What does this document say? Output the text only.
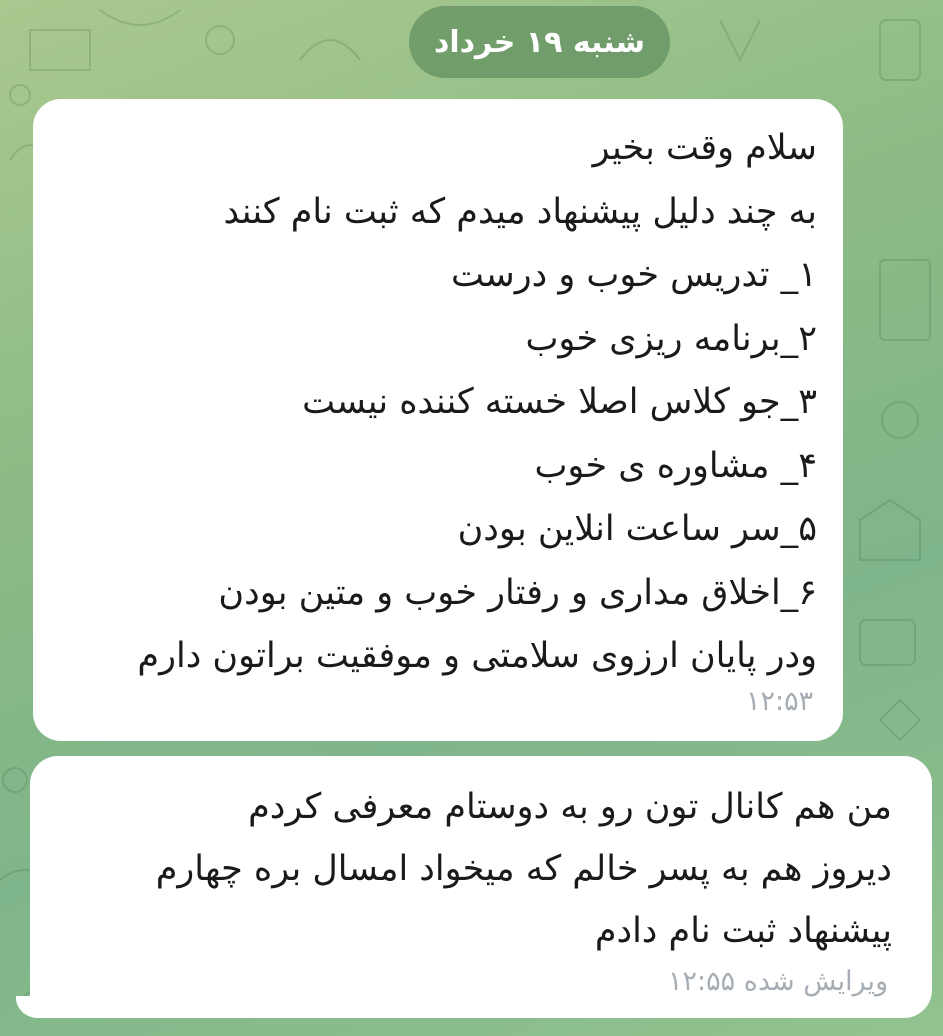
شنبه ۱۹ خرداد
سلام وقت بخیر
به چند دلیل پیشنهاد میدم که ثبت نام کنند
۱_ تدریس خوب و درست
۲_برنامه ریزی خوب
۳_جو کلاس اصلا خسته کننده نیست
۴_ مشاوره ی خوب
۵_سر ساعت انلاین بودن
۶_اخلاق مداری و رفتار خوب و متین بودن
ودر پایان ارزوی سلامتی و موفقیت براتون دارم
۱۲:۵۳
من هم کانال تون رو به دوستام معرفی کردم
دیروز هم به پسر خالم که میخواد امسال بره چهارم
پیشنهاد ثبت نام دادم
ویرایش شده ۱۲:۵۵
